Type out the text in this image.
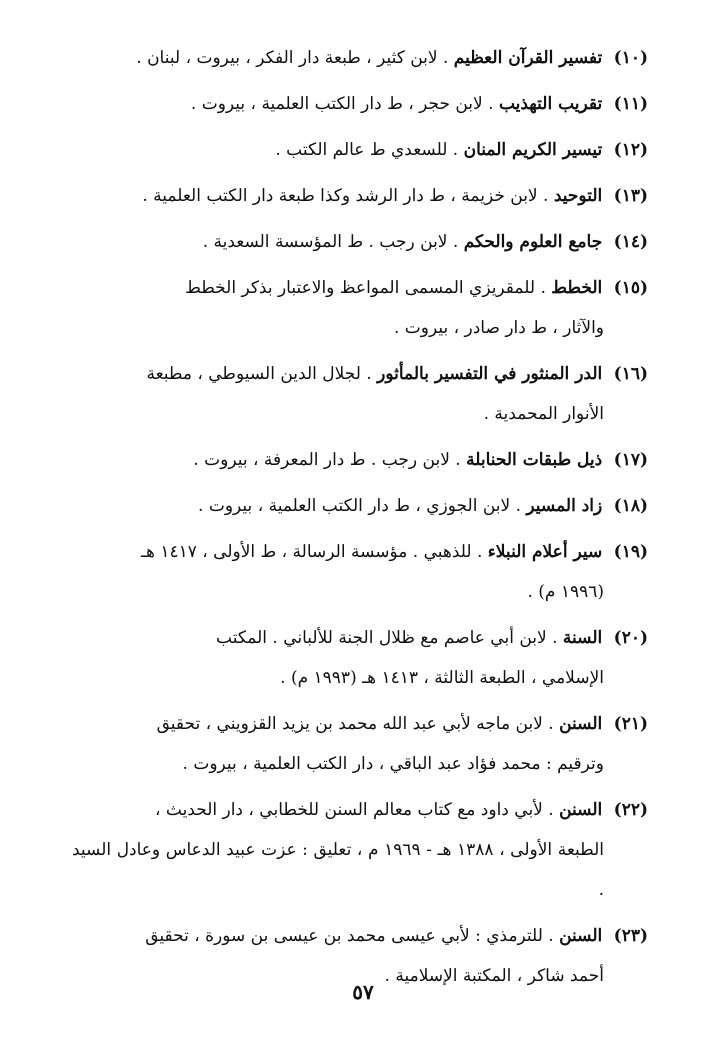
(١٠) تفسير القرآن العظيم . لابن كثير ، طبعة دار الفكر ، بيروت ، لبنان .

(١١) تقريب التهذيب . لابن حجر ، ط دار الكتب العلمية ، بيروت .

(١٢) تيسير الكريم المنان . للسعدي ط عالم الكتب .

(١٣) التوحيد . لابن خزيمة ، ط دار الرشد وكذا طبعة دار الكتب العلمية .

(١٤) جامع العلوم والحكم . لابن رجب . ط المؤسسة السعدية .

(١٥) الخطط . للمقريزي المسمى المواعظ والاعتبار بذكر الخطط
والآثار ، ط دار صادر ، بيروت .

(١٦) الدر المنثور في التفسير بالمأثور . لجلال الدين السيوطي ، مطبعة
الأنوار المحمدية .

(١٧) ذيل طبقات الحنابلة . لابن رجب . ط دار المعرفة ، بيروت .

(١٨) زاد المسير . لابن الجوزي ، ط دار الكتب العلمية ، بيروت .

(١٩) سير أعلام النبلاء . للذهبي . مؤسسة الرسالة ، ط الأولى ، ١٤١٧ هـ
(١٩٩٦ م) .

(٢٠) السنة . لابن أبي عاصم مع ظلال الجنة للألباني . المكتب
الإسلامي ، الطبعة الثالثة ، ١٤١٣ هـ (١٩٩٣ م) .

(٢١) السنن . لابن ماجه لأبي عبد الله محمد بن يزيد القزويني ، تحقيق
وترقيم : محمد فؤاد عبد الباقي ، دار الكتب العلمية ، بيروت .

(٢٢) السنن . لأبي داود مع كتاب معالم السنن للخطابي ، دار الحديث ،
الطبعة الأولى ، ١٣٨٨ هـ - ١٩٦٩ م ، تعليق : عزت عبيد الدعاس وعادل السيد .

(٢٣) السنن . للترمذي : لأبي عيسى محمد بن عيسى بن سورة ، تحقيق
أحمد شاكر ، المكتبة الإسلامية .

٥٧
